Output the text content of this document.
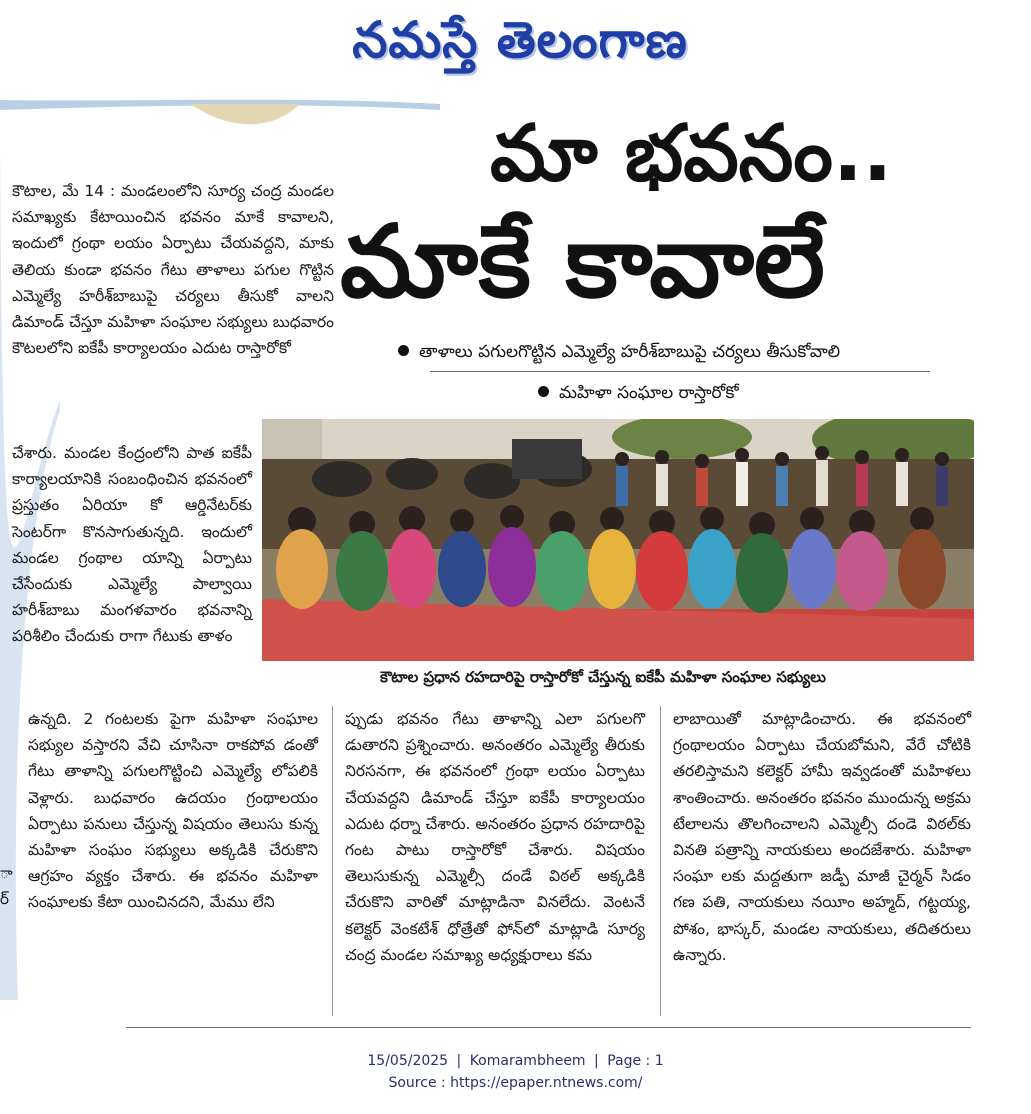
నమస్తే తెలంగాణ
మా భవనం..
మాకే కావాలే
తాళాలు పగులగొట్టిన ఎమ్మెల్యే హరీశ్‌బాబుపై చర్యలు తీసుకోవాలి
మహిళా సంఘాల రాస్తారోకో

కౌటాల, మే 14 : మండలంలోని సూర్య చంద్ర మండల సమాఖ్యకు కేటాయించిన భవనం మాకే కావాలని, ఇందులో గ్రంథా లయం ఏర్పాటు చేయవద్దని, మాకు తెలియ కుండా భవనం గేటు తాళాలు పగుల గొట్టిన ఎమ్మెల్యే హరీశ్‌బాబుపై చర్యలు తీసుకో వాలని డిమాండ్ చేస్తూ మహిళా సంఘాల సభ్యులు బుధవారం కౌటలలోని ఐకేపీ కార్యాలయం ఎదుట రాస్తారోకో

చేశారు. మండల కేంద్రంలోని పాత ఐకేపీ కార్యాలయానికి సంబంధించిన భవనంలో ప్రస్తుతం ఏరియా కో ఆర్డినేటర్‌కు సెంటర్‌గా కొనసాగుతున్నది. ఇందులో మండల గ్రంథాల యాన్ని ఏర్పాటు చేసేందుకు ఎమ్మెల్యే పాల్వాయి హరీశ్‌బాబు మంగళవారం భవనాన్ని పరిశీలిం చేందుకు రాగా గేటుకు తాళం

కౌటాల ప్రధాన రహదారిపై రాస్తారోకో చేస్తున్న ఐకేపీ మహిళా సంఘాల సభ్యులు

ఉన్నది. 2 గంటలకు పైగా మహిళా సంఘాల సభ్యుల వస్తారని వేచి చూసినా రాకపోవ డంతో గేటు తాళాన్ని పగులగొట్టించి ఎమ్మెల్యే లోపలికి వెళ్లారు. బుధవారం ఉదయం గ్రంథాలయం ఏర్పాటు పనులు చేస్తున్న విషయం తెలుసు కున్న మహిళా సంఘం సభ్యులు అక్కడికి చేరుకొని ఆగ్రహం వ్యక్తం చేశారు. ఈ భవనం మహిళా సంఘాలకు కేటా యించినదని, మేము లేని

ప్పుడు భవనం గేటు తాళాన్ని ఎలా పగులగొ డుతారని ప్రశ్నించారు. అనంతరం ఎమ్మెల్యే తీరుకు నిరసనగా, ఈ భవనంలో గ్రంథా లయం ఏర్పాటు చేయవద్దని డిమాండ్ చేస్తూ ఐకేపీ కార్యాలయం ఎదుట ధర్నా చేశారు. అనంతరం ప్రధాన రహదారిపై గంట పాటు రాస్తారోకో చేశారు. విషయం తెలుసుకున్న ఎమ్మెల్సీ దండే విఠల్ అక్కడికి చేరుకొని వారితో మాట్లాడినా వినలేదు. వెంటనే కలెక్టర్ వెంకటేశ్ ధోత్రేతో ఫోన్‌లో మాట్లాడి సూర్య చంద్ర మండల సమాఖ్య అధ్యక్షురాలు కమ

లాబాయితో మాట్లాడించారు. ఈ భవనంలో గ్రంథాలయం ఏర్పాటు చేయబోమని, వేరే చోటికి తరలిస్తామని కలెక్టర్ హామీ ఇవ్వడంతో మహిళలు శాంతించారు. అనంతరం భవనం ముందున్న అక్రమ టేలాలను తొలగించాలని ఎమ్మెల్సీ దండె విఠల్‌కు వినతి పత్రాన్ని నాయకులు అందజేశారు. మహిళా సంఘా లకు మద్దతుగా జడ్పీ మాజీ చైర్మన్ సిడం గణ పతి, నాయకులు నయీం అహ్మద్, గట్టయ్య, పోశం, భాస్కర్, మండల నాయకులు, తదితరులు ఉన్నారు.

ా
ర్
15/05/2025 | Komarambheem | Page : 1
Source : https://epaper.ntnews.com/
